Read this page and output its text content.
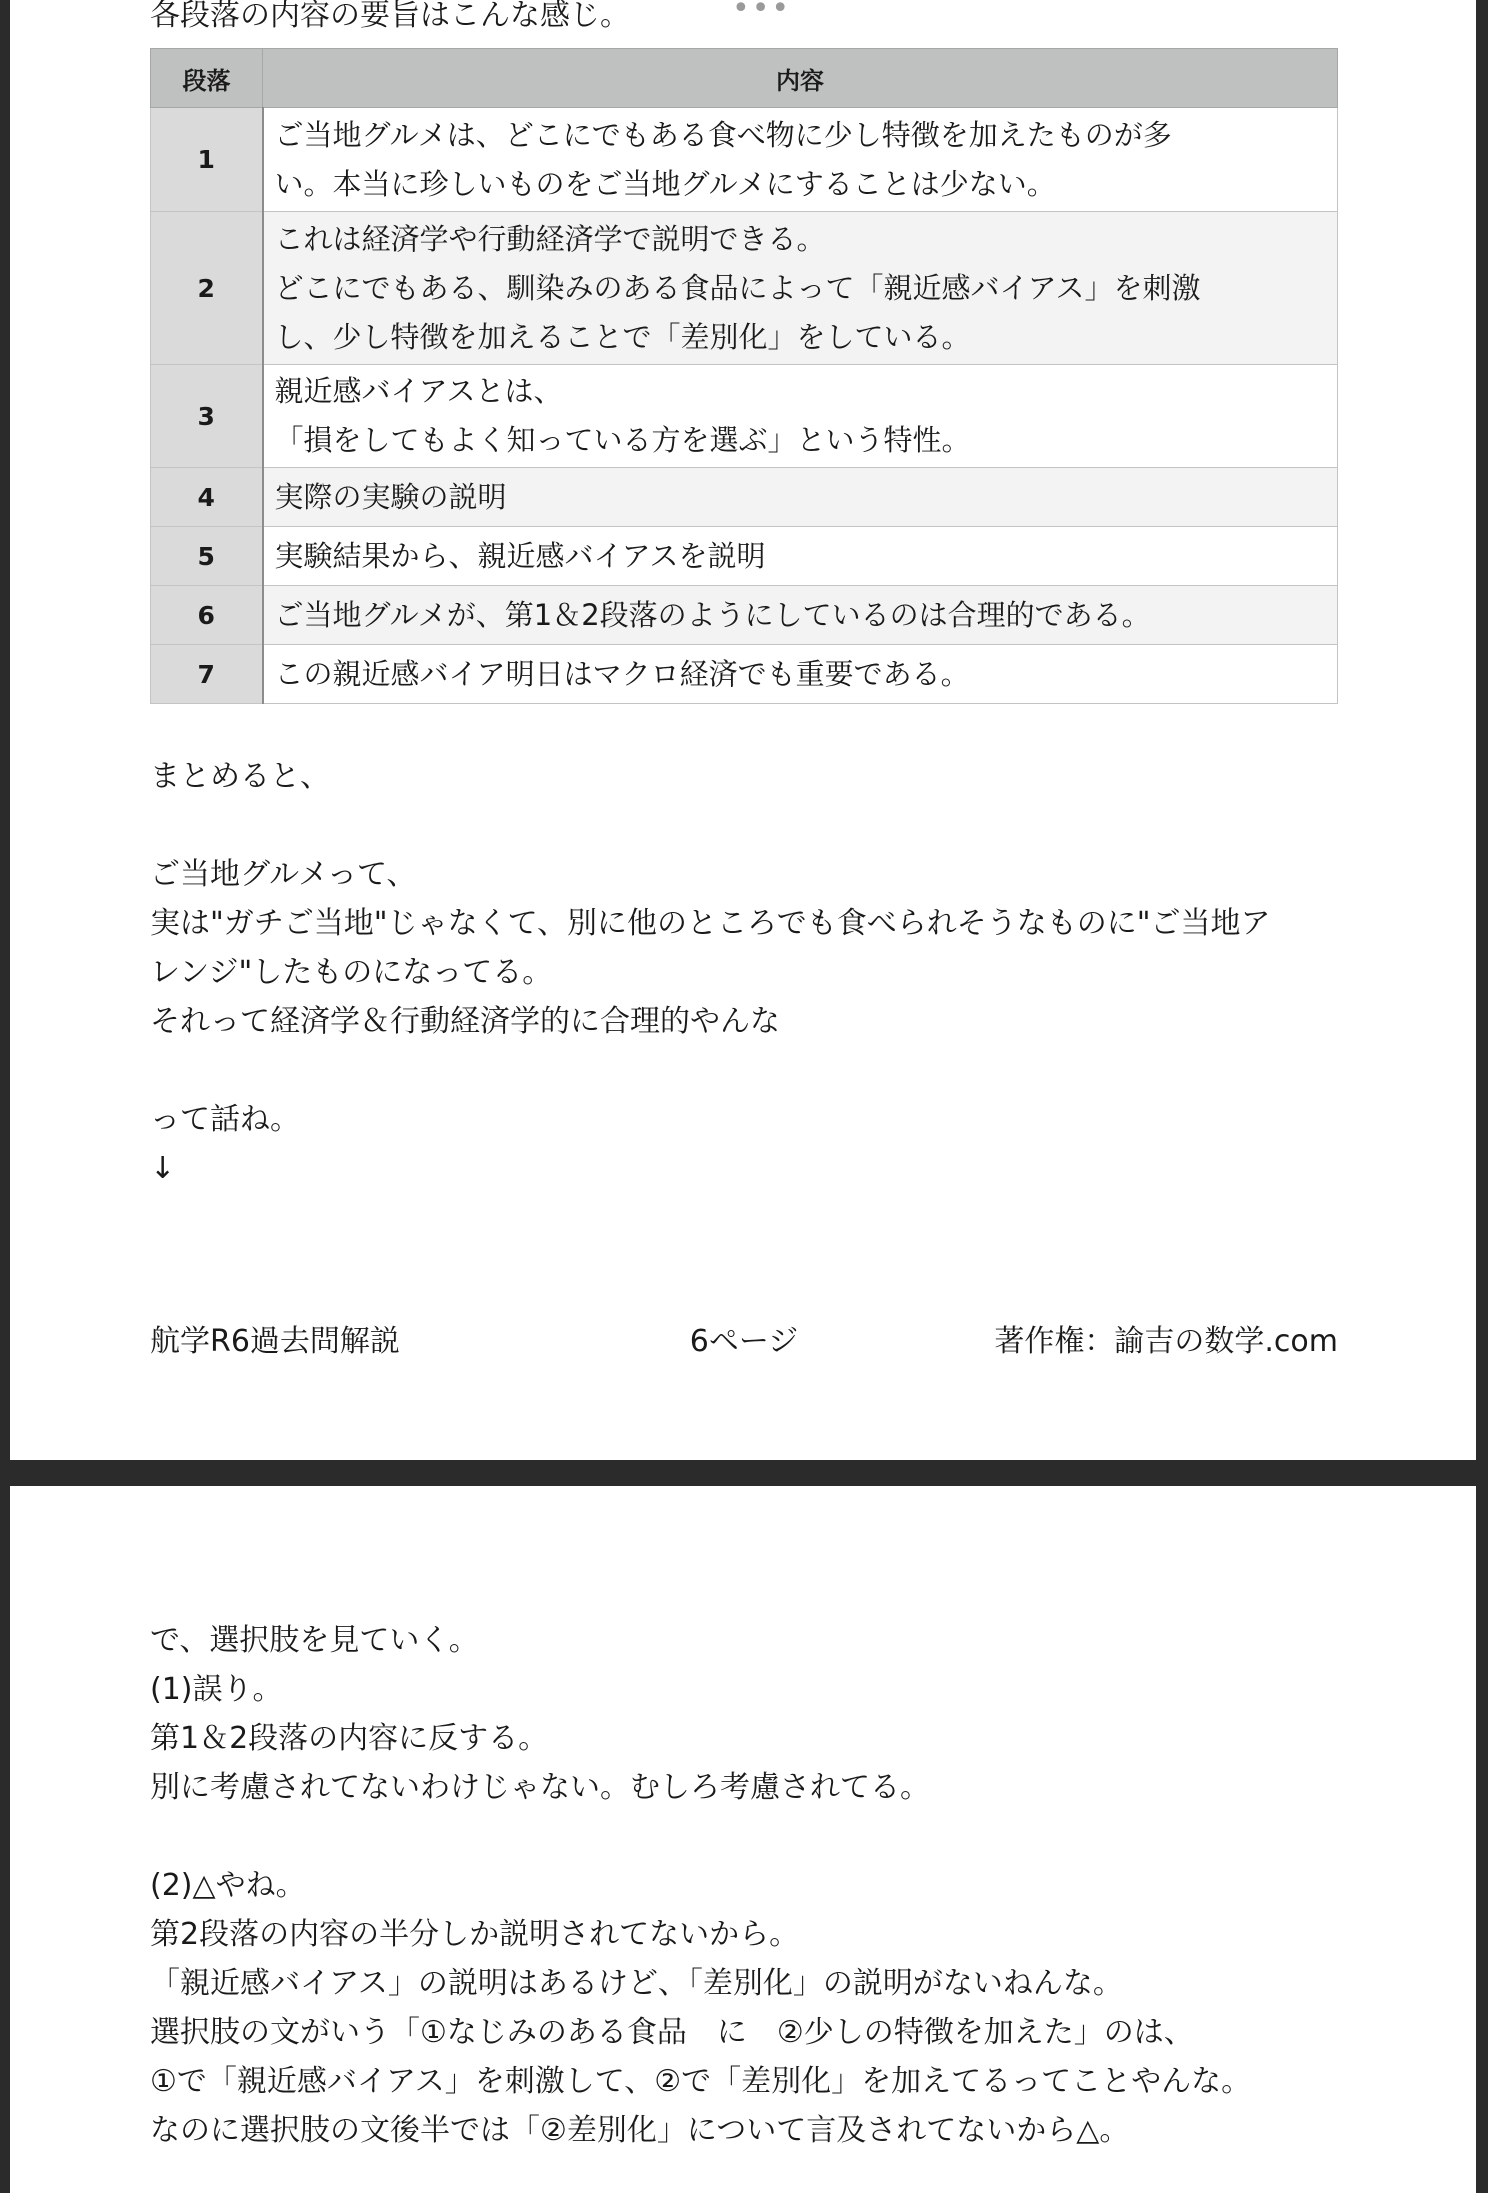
•••
各段落の内容の要旨はこんな感じ。
段落	内容
1	ご当地グルメは、どこにでもある食べ物に少し特徴を加えたものが多
い。本当に珍しいものをご当地グルメにすることは少ない。

2	これは経済学や行動経済学で説明できる。
どこにでもある、馴染みのある食品によって「親近感バイアス」を刺激
し、少し特徴を加えることで「差別化」をしている。

3	親近感バイアスとは、
「損をしてもよく知っている方を選ぶ」という特性。

4	実際の実験の説明

5	実験結果から、親近感バイアスを説明

6	ご当地グルメが、第1＆2段落のようにしているのは合理的である。

7	この親近感バイア明日はマクロ経済でも重要である。
まとめると、
ご当地グルメって、
実は"ガチご当地"じゃなくて、別に他のところでも食べられそうなものに"ご当地ア
レンジ"したものになってる。
それって経済学＆行動経済学的に合理的やんな
って話ね。
↓
航学R6過去問解説	6ページ	著作権：諭吉の数学.com
で、選択肢を見ていく。
(1)誤り。
第1＆2段落の内容に反する。
別に考慮されてないわけじゃない。むしろ考慮されてる。
(2)△やね。
第2段落の内容の半分しか説明されてないから。
「親近感バイアス」の説明はあるけど、「差別化」の説明がないねんな。
選択肢の文がいう「①なじみのある食品　に　②少しの特徴を加えた」のは、
①で「親近感バイアス」を刺激して、②で「差別化」を加えてるってことやんな。
なのに選択肢の文後半では「②差別化」について言及されてないから△。
